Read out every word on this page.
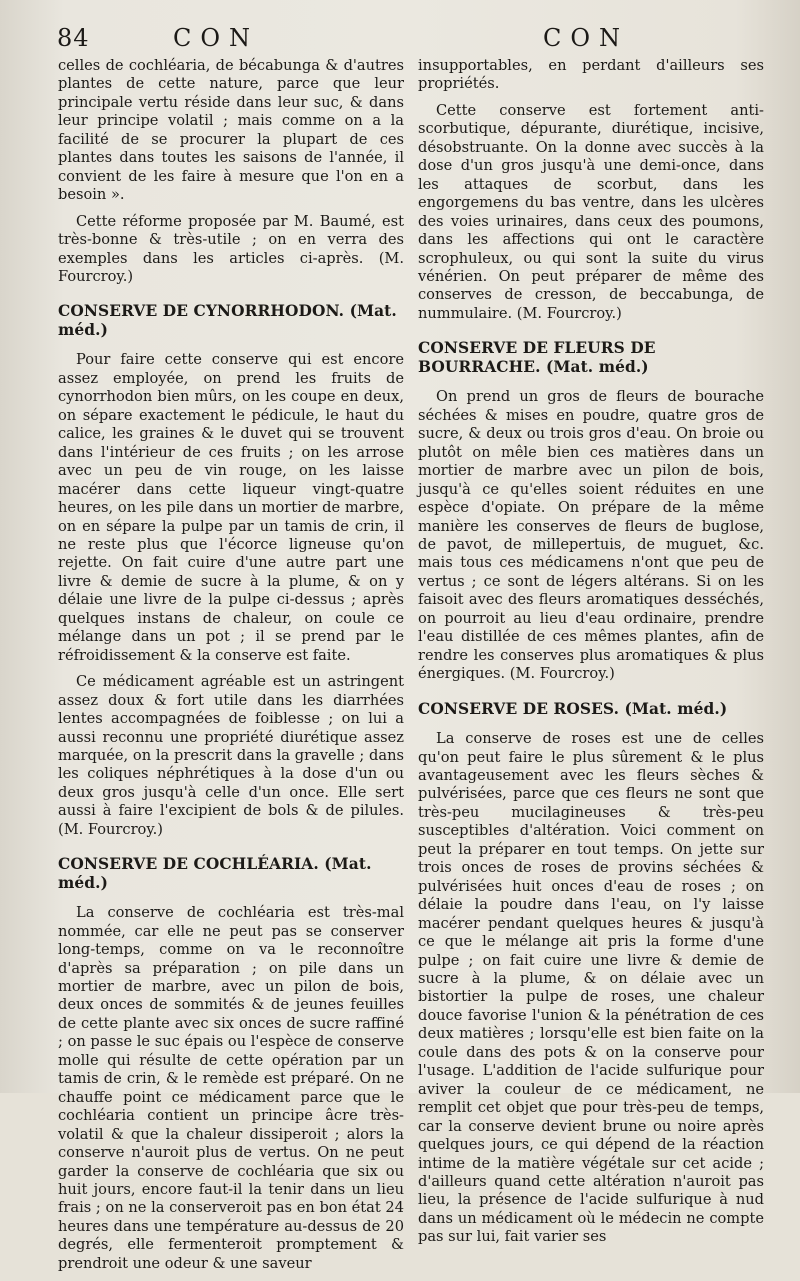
84	CON	CON

celles de cochléaria, de bécabunga & d'autres plantes de cette nature, parce que leur principale vertu réside dans leur suc, & dans leur principe volatil ; mais comme on a la facilité de se procurer la plupart de ces plantes dans toutes les saisons de l'année, il convient de les faire à mesure que l'on en a besoin ».

Cette réforme proposée par M. Baumé, est très-bonne & très-utile ; on en verra des exemples dans les articles ci-après. (M. Fourcroy.)

CONSERVE DE CYNORRHODON. (Mat. méd.)

Pour faire cette conserve qui est encore assez employée, on prend les fruits de cynorrhodon bien mûrs, on les coupe en deux, on sépare exactement le pédicule, le haut du calice, les graines & le duvet qui se trouvent dans l'intérieur de ces fruits ; on les arrose avec un peu de vin rouge, on les laisse macérer dans cette liqueur vingt-quatre heures, on les pile dans un mortier de marbre, on en sépare la pulpe par un tamis de crin, il ne reste plus que l'écorce ligneuse qu'on rejette. On fait cuire d'une autre part une livre & demie de sucre à la plume, & on y délaie une livre de la pulpe ci-dessus ; après quelques instans de chaleur, on coule ce mélange dans un pot ; il se prend par le réfroidissement & la conserve est faite.

Ce médicament agréable est un astringent assez doux & fort utile dans les diarrhées lentes accompagnées de foiblesse ; on lui a aussi reconnu une propriété diurétique assez marquée, on la prescrit dans la gravelle ; dans les coliques néphrétiques à la dose d'un ou deux gros jusqu'à celle d'un once. Elle sert aussi à faire l'excipient de bols & de pilules. (M. Fourcroy.)

CONSERVE DE COCHLÉARIA. (Mat. méd.)

La conserve de cochléaria est très-mal nommée, car elle ne peut pas se conserver long-temps, comme on va le reconnoître d'après sa préparation ; on pile dans un mortier de marbre, avec un pilon de bois, deux onces de sommités & de jeunes feuilles de cette plante avec six onces de sucre raffiné ; on passe le suc épais ou l'espèce de conserve molle qui résulte de cette opération par un tamis de crin, & le remède est préparé. On ne chauffe point ce médicament parce que le cochléaria contient un principe âcre très-volatil & que la chaleur dissiperoit ; alors la conserve n'auroit plus de vertus. On ne peut garder la conserve de cochléaria que six ou huit jours, encore faut-il la tenir dans un lieu frais ; on ne la conserveroit pas en bon état 24 heures dans une température au-dessus de 20 degrés, elle fermenteroit promptement & prendroit une odeur & une saveur

insupportables, en perdant d'ailleurs ses propriétés.

Cette conserve est fortement anti-scorbutique, dépurante, diurétique, incisive, désobstruante. On la donne avec succès à la dose d'un gros jusqu'à une demi-once, dans les attaques de scorbut, dans les engorgemens du bas ventre, dans les ulcères des voies urinaires, dans ceux des poumons, dans les affections qui ont le caractère scrophuleux, ou qui sont la suite du virus vénérien. On peut préparer de même des conserves de cresson, de beccabunga, de nummulaire. (M. Fourcroy.)

CONSERVE DE FLEURS DE BOURRACHE. (Mat. méd.)

On prend un gros de fleurs de bourache séchées & mises en poudre, quatre gros de sucre, & deux ou trois gros d'eau. On broie ou plutôt on mêle bien ces matières dans un mortier de marbre avec un pilon de bois, jusqu'à ce qu'elles soient réduites en une espèce d'opiate. On prépare de la même manière les conserves de fleurs de buglose, de pavot, de millepertuis, de muguet, &c. mais tous ces médicamens n'ont que peu de vertus ; ce sont de légers altérans. Si on les faisoit avec des fleurs aromatiques desséchés, on pourroit au lieu d'eau ordinaire, prendre l'eau distillée de ces mêmes plantes, afin de rendre les conserves plus aromatiques & plus énergiques. (M. Fourcroy.)

CONSERVE DE ROSES. (Mat. méd.)

La conserve de roses est une de celles qu'on peut faire le plus sûrement & le plus avantageusement avec les fleurs sèches & pulvérisées, parce que ces fleurs ne sont que très-peu mucilagineuses & très-peu susceptibles d'altération. Voici comment on peut la préparer en tout temps. On jette sur trois onces de roses de provins séchées & pulvérisées huit onces d'eau de roses ; on délaie la poudre dans l'eau, on l'y laisse macérer pendant quelques heures & jusqu'à ce que le mélange ait pris la forme d'une pulpe ; on fait cuire une livre & demie de sucre à la plume, & on délaie avec un bistortier la pulpe de roses, une chaleur douce favorise l'union & la pénétration de ces deux matières ; lorsqu'elle est bien faite on la coule dans des pots & on la conserve pour l'usage. L'addition de l'acide sulfurique pour aviver la couleur de ce médicament, ne remplit cet objet que pour très-peu de temps, car la conserve devient brune ou noire après quelques jours, ce qui dépend de la réaction intime de la matière végétale sur cet acide ; d'ailleurs quand cette altération n'auroit pas lieu, la présence de l'acide sulfurique à nud dans un médicament où le médecin ne compte pas sur lui, fait varier ses
